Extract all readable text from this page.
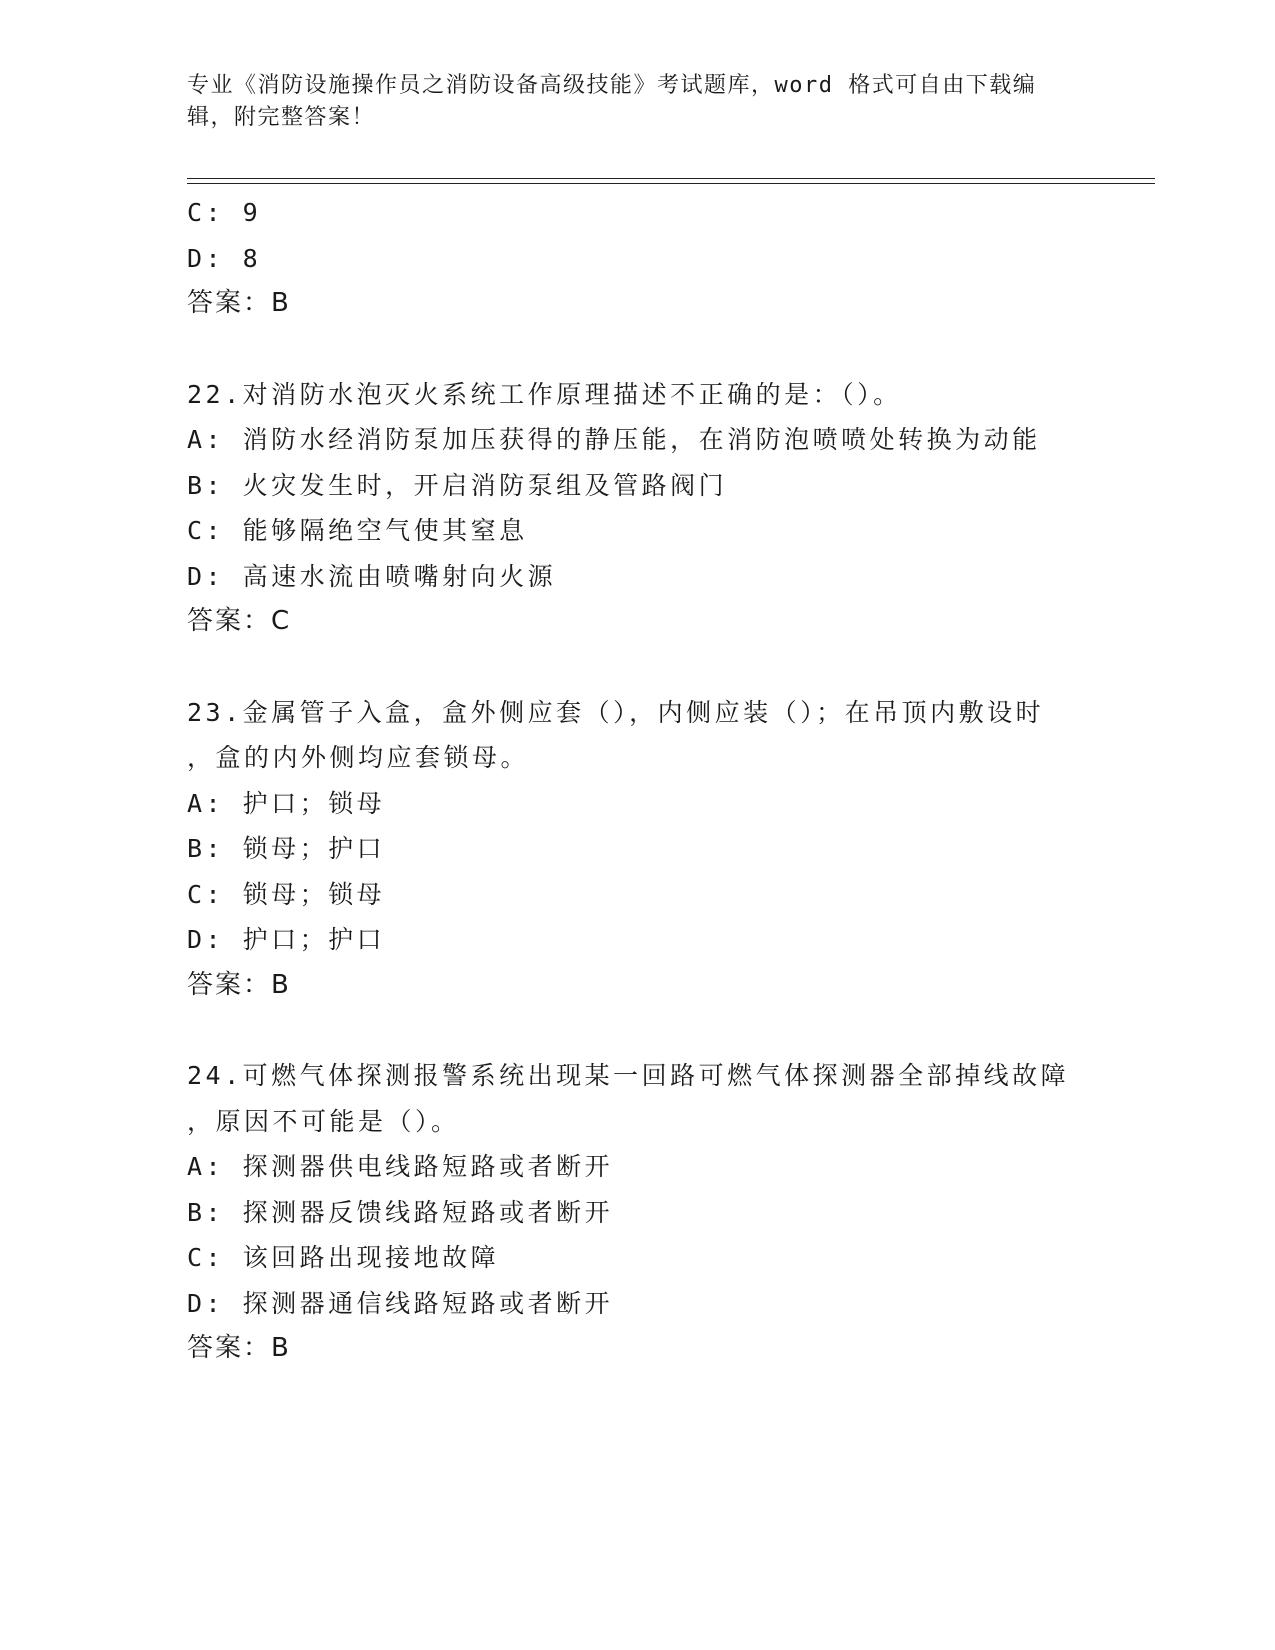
专业《消防设施操作员之消防设备高级技能》考试题库，word 格式可自由下载编
辑，附完整答案！
C: 9
D: 8
答案：B
22.对消防水泡灭火系统工作原理描述不正确的是：（）。
A: 消防水经消防泵加压获得的静压能，在消防泡喷喷处转换为动能
B: 火灾发生时，开启消防泵组及管路阀门
C: 能够隔绝空气使其窒息
D: 高速水流由喷嘴射向火源
答案：C
23.金属管子入盒，盒外侧应套（），内侧应装（）；在吊顶内敷设时
，盒的内外侧均应套锁母。
A: 护口；锁母
B: 锁母；护口
C: 锁母；锁母
D: 护口；护口
答案：B
24.可燃气体探测报警系统出现某一回路可燃气体探测器全部掉线故障
，原因不可能是（）。
A: 探测器供电线路短路或者断开
B: 探测器反馈线路短路或者断开
C: 该回路出现接地故障
D: 探测器通信线路短路或者断开
答案：B
